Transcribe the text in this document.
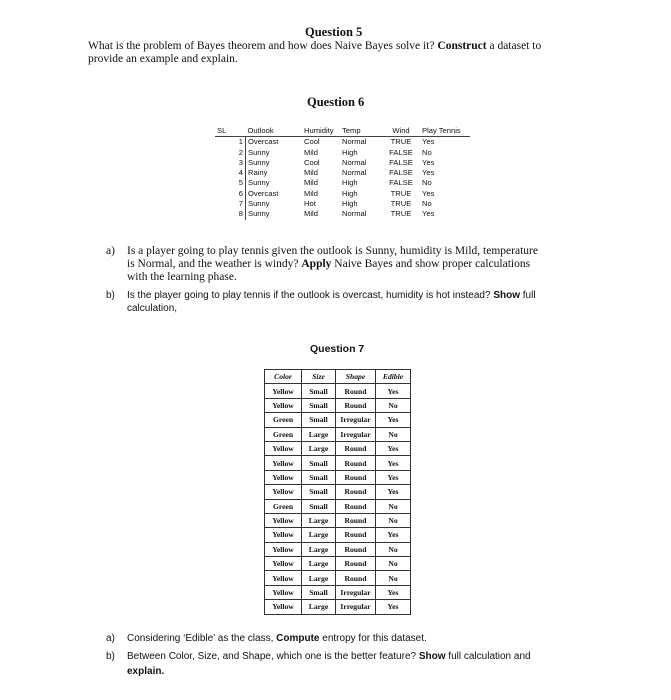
Question 5
What is the problem of Bayes theorem and how does Naive Bayes solve it? Construct a dataset to
provide an example and explain.
Question 6
SL	Outlook	Humidity	Temp	Wind	Play Tennis
1	Overcast	Cool	Normal	TRUE	Yes
2	Sunny	Mild	High	FALSE	No
3	Sunny	Cool	Normal	FALSE	Yes
4	Rainy	Mild	Normal	FALSE	Yes
5	Sunny	Mild	High	FALSE	No
6	Overcast	Mild	High	TRUE	Yes
7	Sunny	Hot	High	TRUE	No
8	Sunny	Mild	Normal	TRUE	Yes
a) Is a player going to play tennis given the outlook is Sunny, humidity is Mild, temperature
is Normal, and the weather is windy? Apply Naive Bayes and show proper calculations
with the learning phase.
b) Is the player going to play tennis if the outlook is overcast, humidity is hot instead? Show full
calculation,
Question 7
Color	Size	Shape	Edible
Yellow	Small	Round	Yes
Yellow	Small	Round	No
Green	Small	Irregular	Yes
Green	Large	Irregular	No
Yellow	Large	Round	Yes
Yellow	Small	Round	Yes
Yellow	Small	Round	Yes
Yellow	Small	Round	Yes
Green	Small	Round	No
Yellow	Large	Round	No
Yellow	Large	Round	Yes
Yellow	Large	Round	No
Yellow	Large	Round	No
Yellow	Large	Round	No
Yellow	Small	Irregular	Yes
Yellow	Large	Irregular	Yes
a) Considering ‘Edible’ as the class, Compute entropy for this dataset.
b) Between Color, Size, and Shape, which one is the better feature? Show full calculation and
explain.
